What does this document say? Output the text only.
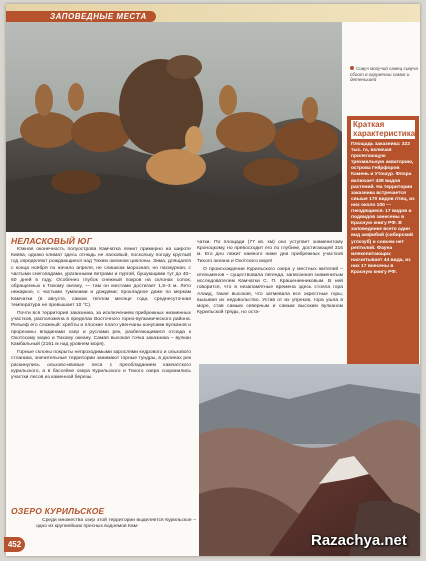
ЗАПОВЕДНЫЕ МЕСТА
Сивуч могучий самец сивуча сбоит в окружении самок и детенышей
Краткая характеристика
Площадь заказника: 322 тыс. га, включая прилегающую трехмильную акваторию, острова Гейрфоров Камень и Утошур. Флора включает 438 видов растений. На территории заказника встречается свыше 170 видов птиц, из них около 100 — гнездящиеся. 17 видов и подвидов занесены в Красную книгу РФ. В заповеднике всего один вид амфибий (сибирский углозуб) и совсем нет рептилий. Фауна млекопитающих насчитывает 44 вида, из них 17 внесены в Красную книгу РФ.
НЕЛАСКОВЫЙ ЮГ

Южная оконечность полуострова Камчатка лежит примерно на широте Киева, однако климат здесь отнюдь не ласковый, поскольку погоду круглый год определяют рождающиеся над Тихим океаном циклоны. Зима, длящаяся с конца ноября по начало апреля, не слишком морозная, но пасмурная, с частыми снегопадами, ураганными ветрами и пургой, бушующими тут до 40–60 дней в году. Особенно глубок снежный покров на склонах сопок, обращенных к Тихому океану, — там он местами достигает 1,5–3 м. Лето нежаркое, с частыми туманами и дождями; прохладное даже по меркам Камчатки (в августе, самом теплом месяце года, среднесуточная температура не превышает 10 °С).

Почти вся территория заказника, за исключением прибрежных низменных участков, расположена в пределах Восточного горно-вулканического района. Рельеф его сложный: хребты и плоские плато увенчаны конусами вулканов и прорезаны впадинами озер и руслами рек, разбегающимися отсюда к Охотскому морю и Тихому океану. Самая высокая точка заказника – вулкан Камбальный (2161 м над уровнем моря).

Горные склоны покрыты непроходимыми зарослями кедрового и ольхового стланика, значительные территории занимают горные тундры, в долинах рек раскинулись ольхово-ивовые леса с преобладанием камчатского курильского, а в бассейне озера Курильского и Тихого озера сохранились участки лесов из каменной березы.

чатки. По площади (77 кв. км) оно уступает знаменитому Кроноцкому, но превосходит его по глубине, достигающей 316 м. Его дно лежит намного ниже дна прибрежных участков Тихого океана и Охотского моря!

О происхождении Курильского озера у местных жителей – ительменов – существовала легенда, записанная знаменитым исследователем Камчатки С. П. Крашенинниковым. В ней говорится, что в незапамятные времена здесь стояла гора Алаид, такая высокая, что затмевала все окрестные горы, вызывая их недовольство. Устав от их упреков, гора ушла в море, став самым северным и самым высоким вулканом Курильской гряды, но оста-

ОЗЕРО КУРИЛЬСКОЕ

Среди множества озер этой территории выделяется Курильское – одно из крупнейших пресных водоемов Кам-

Razachya.net
452
